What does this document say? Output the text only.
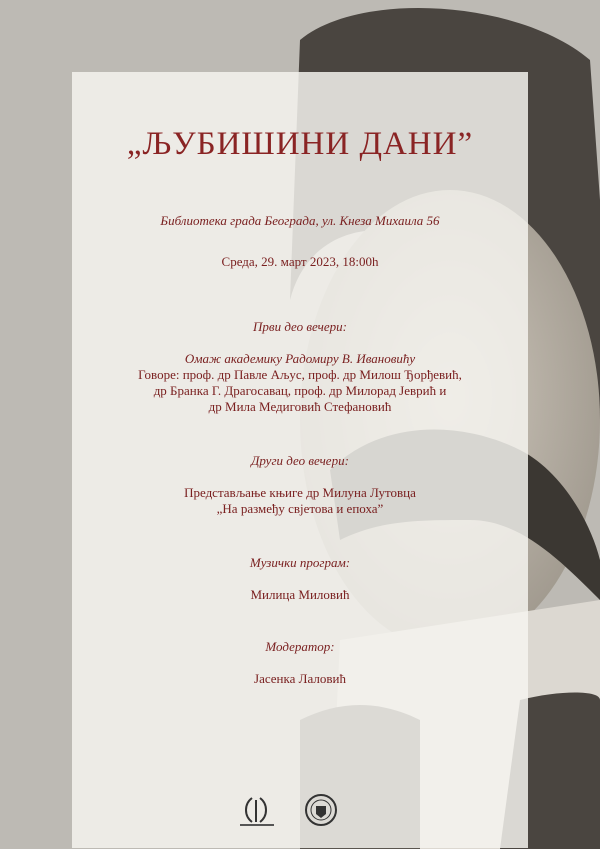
„ЉУБИШИНИ ДАНИ”

Библиотека града Београда, ул. Кнеза Михаила 56

Среда, 29. март 2023, 18:00h

Први део вечери:

Омаж академику Радомиру В. Ивановићу

Говоре: проф. др Павле Аљус, проф. др Милош Ђорђевић,

др Бранка Г. Драгосавац, проф. др Милорад Јеврић и

др Мила Медиговић Стефановић

Други део вечери:

Представљање књиге др Милуна Лутовца

„На размеђу свјетова и епоха”

Музички програм:

Милица Миловић

Модератор:

Јасенка Лаловић
